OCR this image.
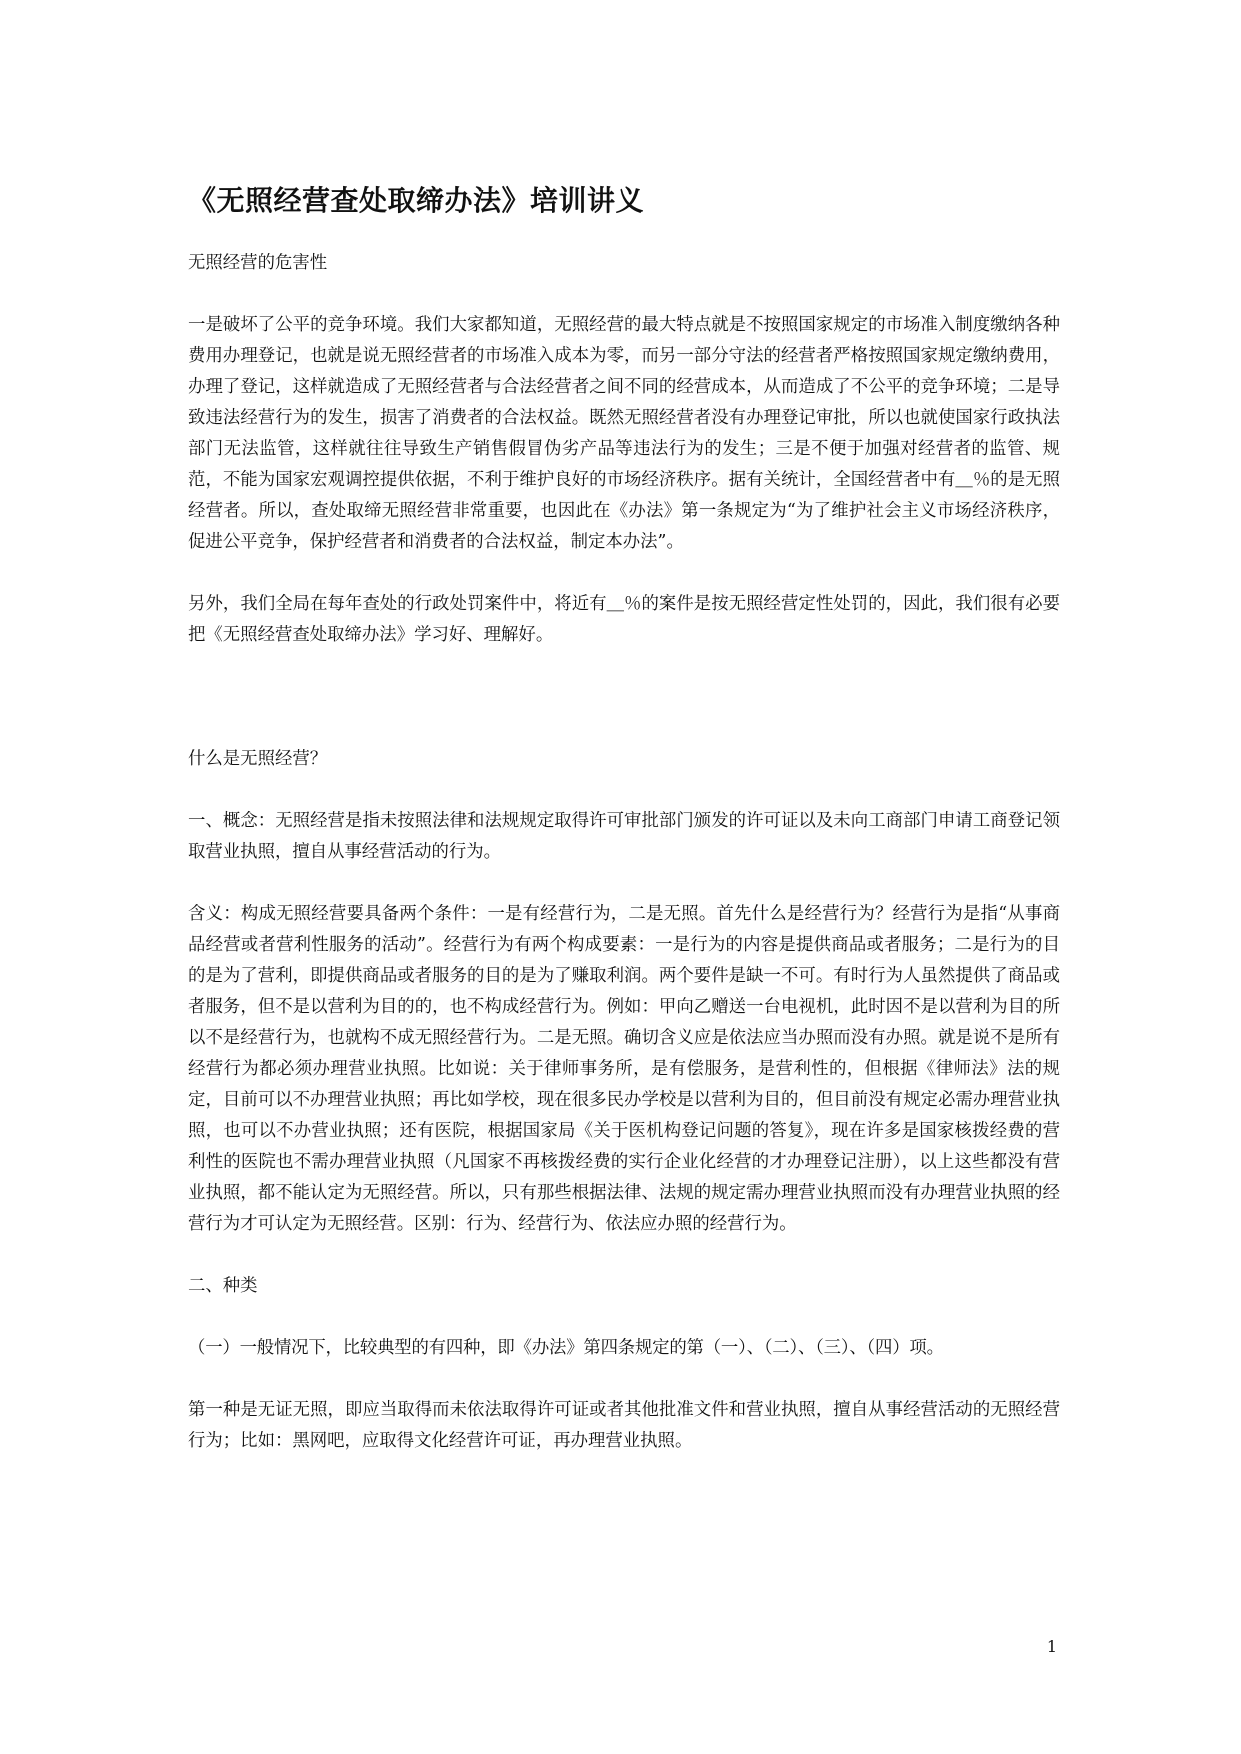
《无照经营查处取缔办法》培训讲义

无照经营的危害性

一是破坏了公平的竞争环境。我们大家都知道，无照经营的最大特点就是不按照国家规定的市场准入制度缴纳各种费用办理登记，也就是说无照经营者的市场准入成本为零，而另一部分守法的经营者严格按照国家规定缴纳费用，办理了登记，这样就造成了无照经营者与合法经营者之间不同的经营成本，从而造成了不公平的竞争环境；二是导致违法经营行为的发生，损害了消费者的合法权益。既然无照经营者没有办理登记审批，所以也就使国家行政执法部门无法监管，这样就往往导致生产销售假冒伪劣产品等违法行为的发生；三是不便于加强对经营者的监管、规范，不能为国家宏观调控提供依据，不利于维护良好的市场经济秩序。据有关统计，全国经营者中有＿％的是无照经营者。所以，查处取缔无照经营非常重要，也因此在《办法》第一条规定为“为了维护社会主义市场经济秩序，促进公平竞争，保护经营者和消费者的合法权益，制定本办法”。

另外，我们全局在每年查处的行政处罚案件中，将近有＿％的案件是按无照经营定性处罚的，因此，我们很有必要把《无照经营查处取缔办法》学习好、理解好。

什么是无照经营？

一、概念：无照经营是指未按照法律和法规规定取得许可审批部门颁发的许可证以及未向工商部门申请工商登记领取营业执照，擅自从事经营活动的行为。

含义：构成无照经营要具备两个条件：一是有经营行为，二是无照。首先什么是经营行为？经营行为是指“从事商品经营或者营利性服务的活动”。经营行为有两个构成要素：一是行为的内容是提供商品或者服务；二是行为的目的是为了营利，即提供商品或者服务的目的是为了赚取利润。两个要件是缺一不可。有时行为人虽然提供了商品或者服务，但不是以营利为目的的，也不构成经营行为。例如：甲向乙赠送一台电视机，此时因不是以营利为目的所以不是经营行为，也就构不成无照经营行为。二是无照。确切含义应是依法应当办照而没有办照。就是说不是所有经营行为都必须办理营业执照。比如说：关于律师事务所，是有偿服务，是营利性的，但根据《律师法》法的规定，目前可以不办理营业执照；再比如学校，现在很多民办学校是以营利为目的，但目前没有规定必需办理营业执照，也可以不办营业执照；还有医院，根据国家局《关于医机构登记问题的答复》，现在许多是国家核拨经费的营利性的医院也不需办理营业执照（凡国家不再核拨经费的实行企业化经营的才办理登记注册），以上这些都没有营业执照，都不能认定为无照经营。所以，只有那些根据法律、法规的规定需办理营业执照而没有办理营业执照的经营行为才可认定为无照经营。区别：行为、经营行为、依法应办照的经营行为。

二、种类

（一）一般情况下，比较典型的有四种，即《办法》第四条规定的第（一）、（二）、（三）、（四）项。

第一种是无证无照，即应当取得而未依法取得许可证或者其他批准文件和营业执照，擅自从事经营活动的无照经营行为；比如：黑网吧，应取得文化经营许可证，再办理营业执照。

1
